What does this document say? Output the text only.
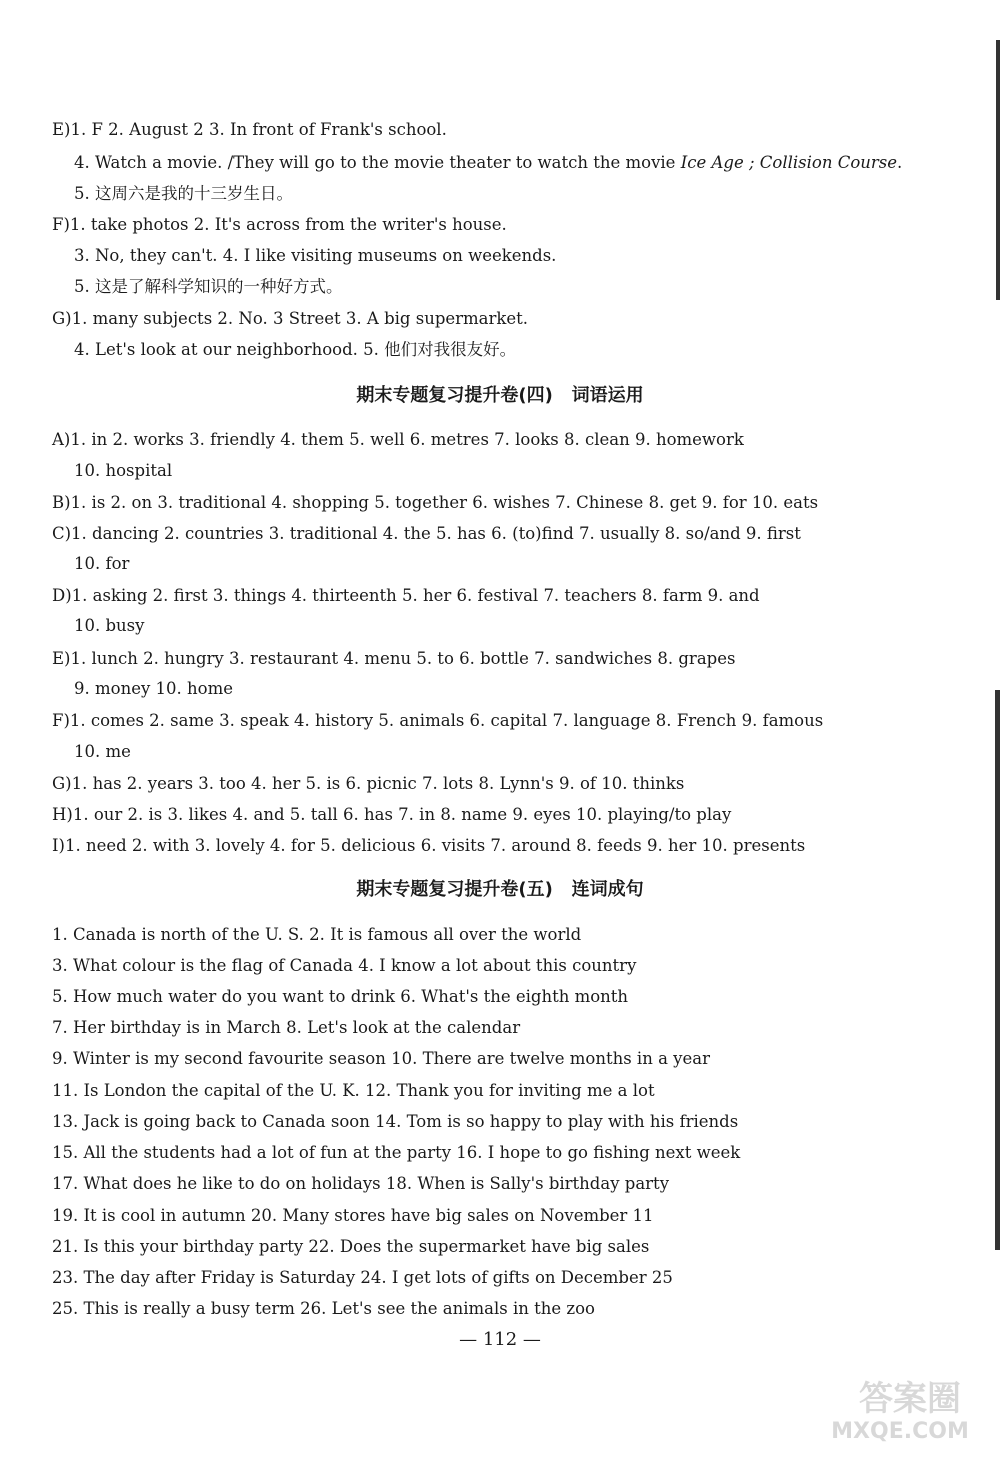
E)1. F 2. August 2 3. In front of Frank's school.
4. Watch a movie. /They will go to the movie theater to watch the movie Ice Age ; Collision Course.
5. 这周六是我的十三岁生日。
F)1. take photos 2. It's across from the writer's house.
3. No, they can't. 4. I like visiting museums on weekends.
5. 这是了解科学知识的一种好方式。
G)1. many subjects 2. No. 3 Street 3. A big supermarket.
4. Let's look at our neighborhood. 5. 他们对我很友好。
期末专题复习提升卷(四)   词语运用
A)1. in 2. works 3. friendly 4. them 5. well 6. metres 7. looks 8. clean 9. homework
10. hospital
B)1. is 2. on 3. traditional 4. shopping 5. together 6. wishes 7. Chinese 8. get 9. for 10. eats
C)1. dancing 2. countries 3. traditional 4. the 5. has 6. (to)find 7. usually 8. so/and 9. first
10. for
D)1. asking 2. first 3. things 4. thirteenth 5. her 6. festival 7. teachers 8. farm 9. and
10. busy
E)1. lunch 2. hungry 3. restaurant 4. menu 5. to 6. bottle 7. sandwiches 8. grapes
9. money 10. home
F)1. comes 2. same 3. speak 4. history 5. animals 6. capital 7. language 8. French 9. famous
10. me
G)1. has 2. years 3. too 4. her 5. is 6. picnic 7. lots 8. Lynn's 9. of 10. thinks
H)1. our 2. is 3. likes 4. and 5. tall 6. has 7. in 8. name 9. eyes 10. playing/to play
I)1. need 2. with 3. lovely 4. for 5. delicious 6. visits 7. around 8. feeds 9. her 10. presents
期末专题复习提升卷(五)   连词成句
1. Canada is north of the U. S. 2. It is famous all over the world
3. What colour is the flag of Canada 4. I know a lot about this country
5. How much water do you want to drink 6. What's the eighth month
7. Her birthday is in March 8. Let's look at the calendar
9. Winter is my second favourite season 10. There are twelve months in a year
11. Is London the capital of the U. K. 12. Thank you for inviting me a lot
13. Jack is going back to Canada soon 14. Tom is so happy to play with his friends
15. All the students had a lot of fun at the party 16. I hope to go fishing next week
17. What does he like to do on holidays 18. When is Sally's birthday party
19. It is cool in autumn 20. Many stores have big sales on November 11
21. Is this your birthday party 22. Does the supermarket have big sales
23. The day after Friday is Saturday 24. I get lots of gifts on December 25
25. This is really a busy term 26. Let's see the animals in the zoo
— 112 —
答案圈
MXQE.COM
